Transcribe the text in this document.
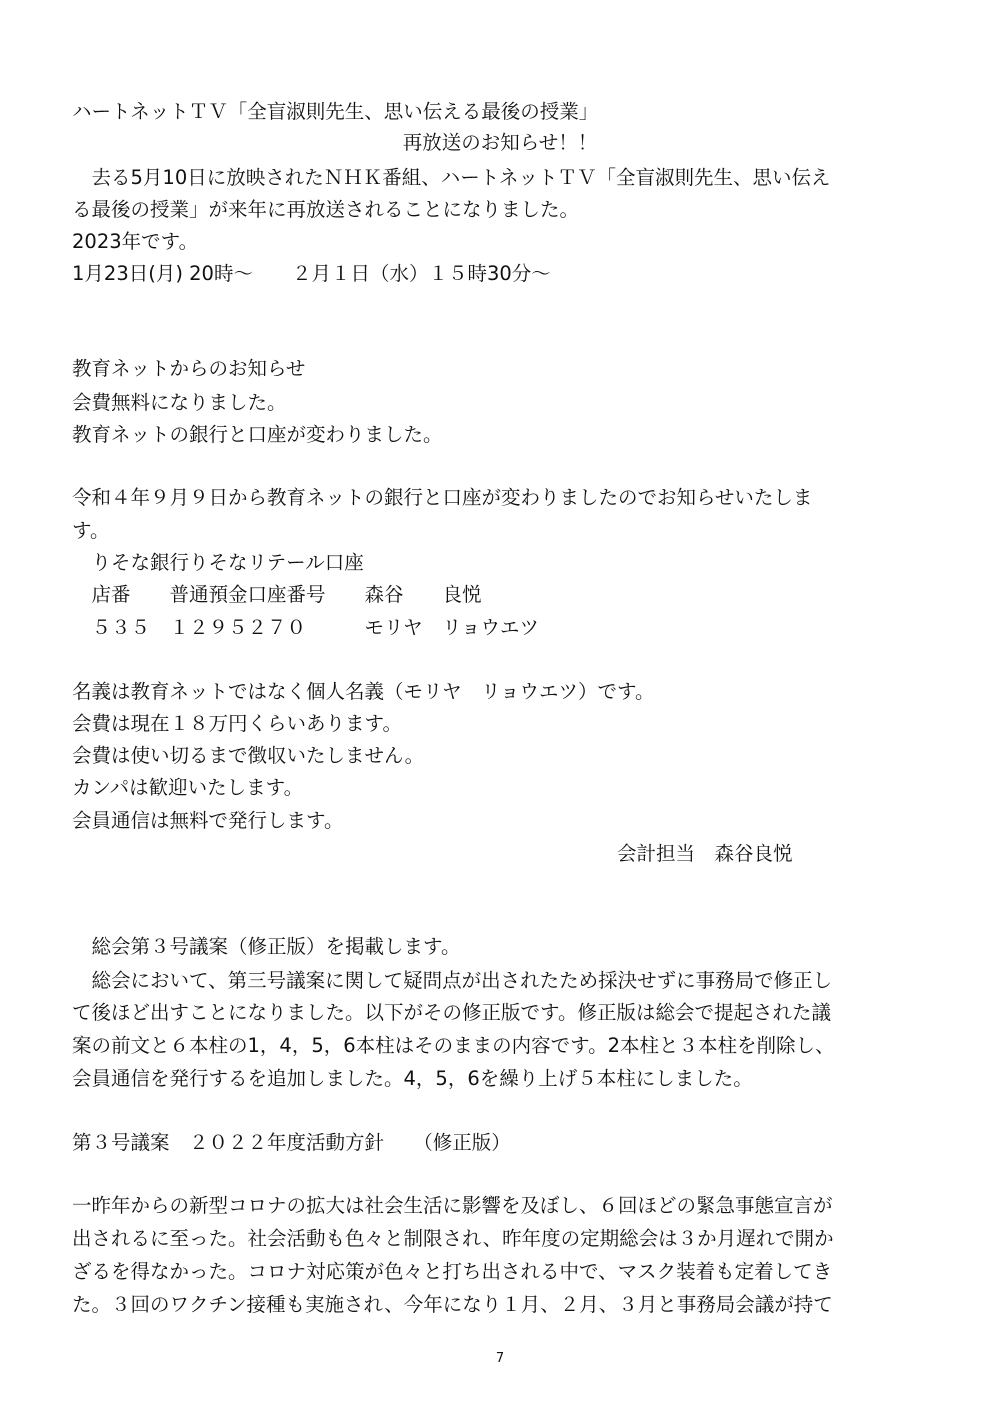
ハートネットＴＶ「全盲淑則先生、思い伝える最後の授業」
再放送のお知らせ！！
　去る5月10日に放映されたＮＨＫ番組、ハートネットＴＶ「全盲淑則先生、思い伝え
る最後の授業」が来年に再放送されることになりました。
2023年です。
1月23日(月) 20時～　　２月１日（水）１５時30分～
教育ネットからのお知らせ
会費無料になりました。
教育ネットの銀行と口座が変わりました。
令和４年９月９日から教育ネットの銀行と口座が変わりましたのでお知らせいたしま
す。
　りそな銀行りそなリテール口座
　店番　　普通預金口座番号　　森谷　　良悦
　５３５　１２９５２７０　　　モリヤ　リョウエツ
名義は教育ネットではなく個人名義（モリヤ　リョウエツ）です。
会費は現在１８万円くらいあります。
会費は使い切るまで徴収いたしません。
カンパは歓迎いたします。
会員通信は無料で発行します。
会計担当　森谷良悦
　総会第３号議案（修正版）を掲載します。
　総会において、第三号議案に関して疑問点が出されたため採決せずに事務局で修正し
て後ほど出すことになりました。以下がその修正版です。修正版は総会で提起された議
案の前文と６本柱の1，4，5，6本柱はそのままの内容です。2本柱と３本柱を削除し、
会員通信を発行するを追加しました。4，5，6を繰り上げ５本柱にしました。
第３号議案　２０２２年度活動方針　　（修正版）
一昨年からの新型コロナの拡大は社会生活に影響を及ぼし、６回ほどの緊急事態宣言が
出されるに至った。社会活動も色々と制限され、昨年度の定期総会は３か月遅れで開か
ざるを得なかった。コロナ対応策が色々と打ち出される中で、マスク装着も定着してき
た。３回のワクチン接種も実施され、今年になり１月、２月、３月と事務局会議が持て
7
